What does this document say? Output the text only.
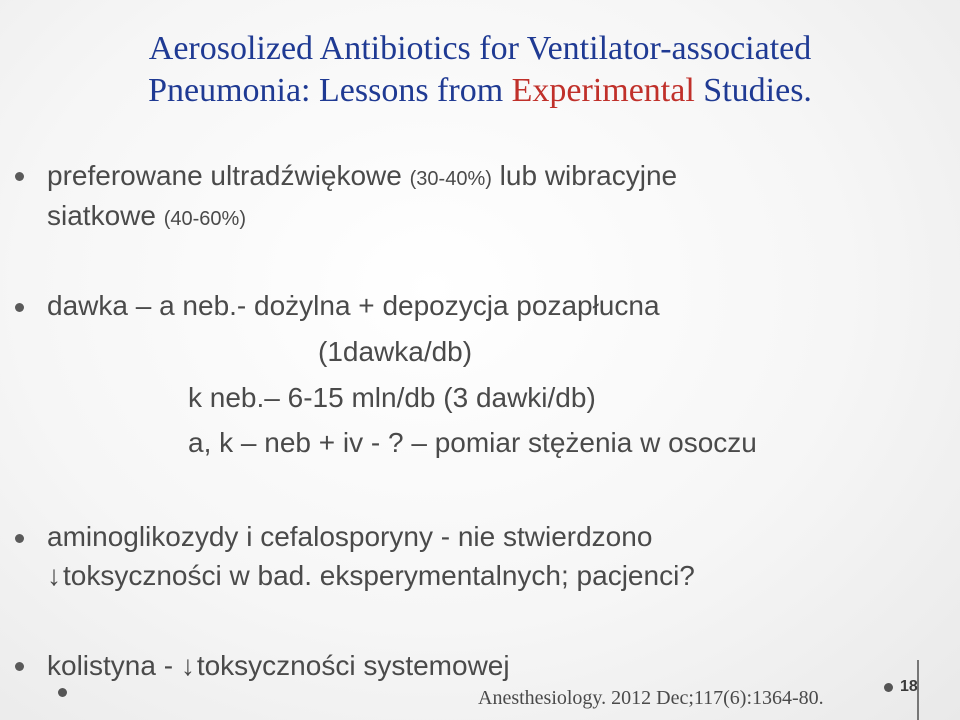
Aerosolized Antibiotics for Ventilator-associated
Pneumonia: Lessons from Experimental Studies.
preferowane ultradźwiękowe (30-40%) lub wibracyjne
siatkowe (40-60%)
dawka – a neb.- dożylna + depozycja pozapłucna
(1dawka/db)
k neb.– 6-15 mln/db (3 dawki/db)
a, k – neb + iv - ? – pomiar stężenia w osoczu
aminoglikozydy i cefalosporyny - nie stwierdzono
↓toksyczności w bad. eksperymentalnych; pacjenci?
kolistyna - ↓toksyczności systemowej
Anesthesiology. 2012 Dec;117(6):1364-80.
18
